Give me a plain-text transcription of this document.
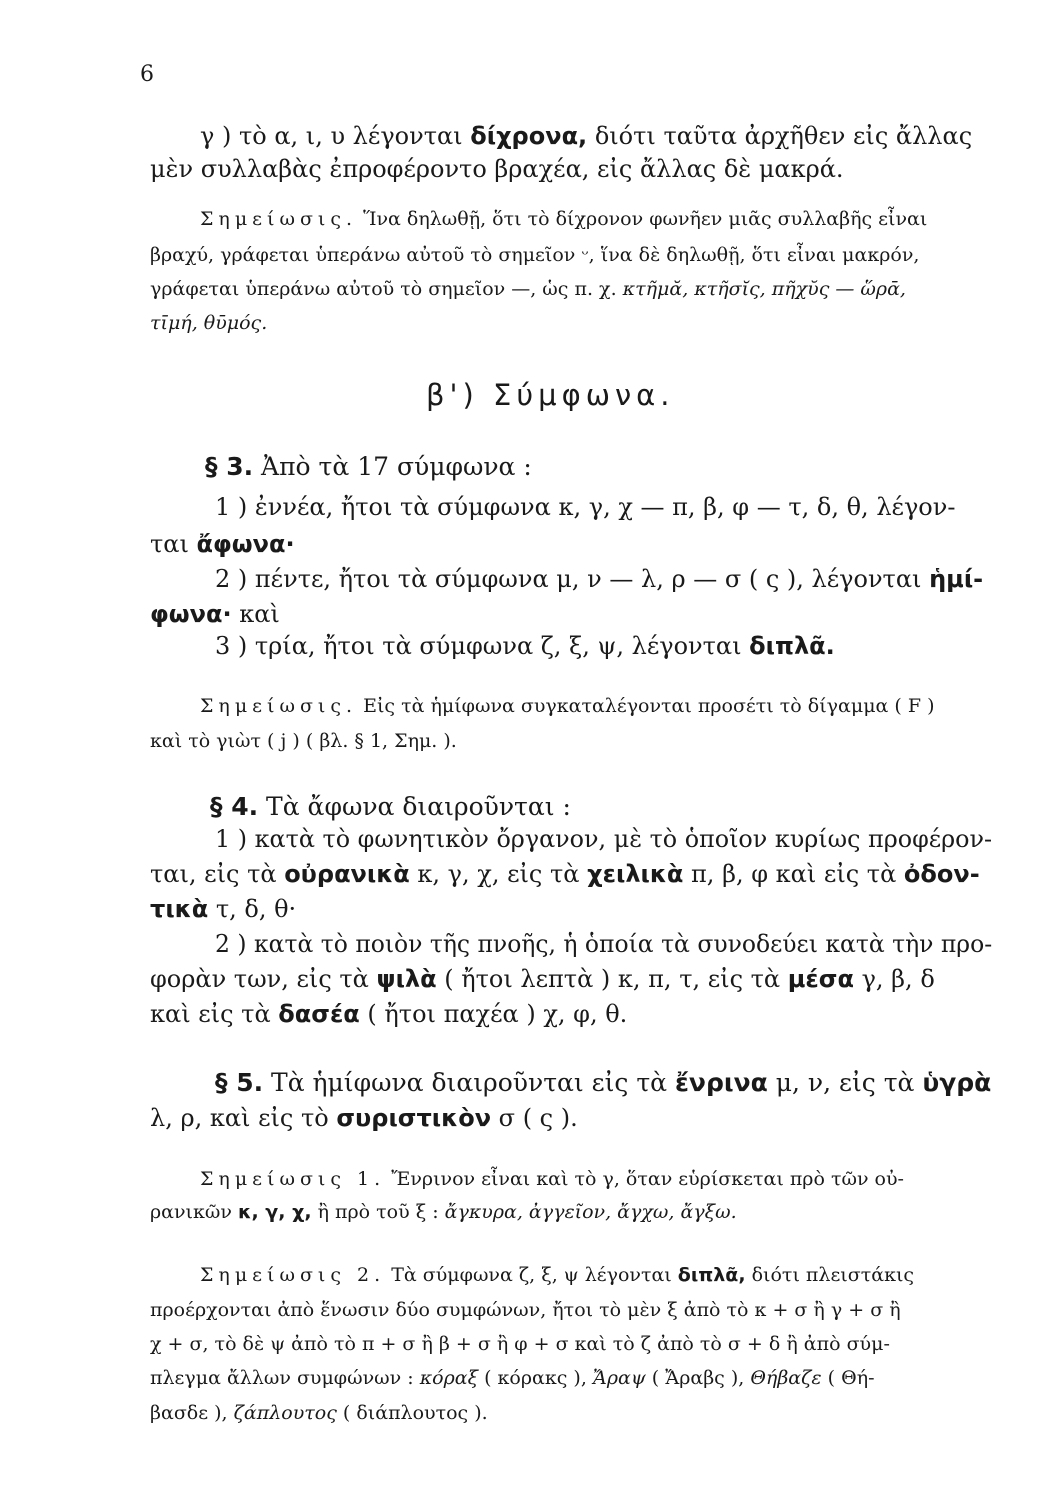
6
γ ) τὸ α, ι, υ λέγονται δίχρονα, διότι ταῦτα ἀρχῆθεν εἰς ἄλλας
μὲν συλλαβὰς ἐπροφέροντο βραχέα, εἰς ἄλλας δὲ μακρά.
Σημείωσις. Ἵνα δηλωθῇ, ὅτι τὸ δίχρονον φωνῆεν μιᾶς συλλαβῆς εἶναι
βραχύ, γράφεται ὑπεράνω αὐτοῦ τὸ σημεῖον ᵕ, ἵνα δὲ δηλωθῇ, ὅτι εἶναι μακρόν,
γράφεται ὑπεράνω αὐτοῦ τὸ σημεῖον —, ὡς π. χ. κτῆμᾰ, κτῆσῐς, πῆχῠς — ὥρᾱ,
τῑμή, θῡμός.
β') Σύμφωνα.
§ 3. Ἀπὸ τὰ 17 σύμφωνα :
1 ) ἐννέα, ἤτοι τὰ σύμφωνα κ, γ, χ — π, β, φ — τ, δ, θ, λέγον-
ται ἄφωνα·
2 ) πέντε, ἤτοι τὰ σύμφωνα μ, ν — λ, ρ — σ ( ς ), λέγονται ἡμί-
φωνα· καὶ
3 ) τρία, ἤτοι τὰ σύμφωνα ζ, ξ, ψ, λέγονται διπλᾶ.
Σημείωσις. Εἰς τὰ ἡμίφωνα συγκαταλέγονται προσέτι τὸ δίγαμμα ( F )
καὶ τὸ γιὼτ ( j ) ( βλ. § 1, Σημ. ).
§ 4. Τὰ ἄφωνα διαιροῦνται :
1 ) κατὰ τὸ φωνητικὸν ὄργανον, μὲ τὸ ὁποῖον κυρίως προφέρον-
ται, εἰς τὰ οὐρανικὰ κ, γ, χ, εἰς τὰ χειλικὰ π, β, φ καὶ εἰς τὰ ὀδον-
τικὰ τ, δ, θ·
2 ) κατὰ τὸ ποιὸν τῆς πνοῆς, ἡ ὁποία τὰ συνοδεύει κατὰ τὴν προ-
φορὰν των, εἰς τὰ ψιλὰ ( ἤτοι λεπτὰ ) κ, π, τ, εἰς τὰ μέσα γ, β, δ
καὶ εἰς τὰ δασέα ( ἤτοι παχέα ) χ, φ, θ.
§ 5. Τὰ ἡμίφωνα διαιροῦνται εἰς τὰ ἔνρινα μ, ν, εἰς τὰ ὑγρὰ
λ, ρ, καὶ εἰς τὸ συριστικὸν σ ( ς ).
Σημείωσις 1. Ἔνρινον εἶναι καὶ τὸ γ, ὅταν εὑρίσκεται πρὸ τῶν οὐ-
ρανικῶν κ, γ, χ, ἢ πρὸ τοῦ ξ : ἄγκυρα, ἀγγεῖον, ἄγχω, ἄγξω.
Σημείωσις 2. Τὰ σύμφωνα ζ, ξ, ψ λέγονται διπλᾶ, διότι πλειστάκις
προέρχονται ἀπὸ ἕνωσιν δύο συμφώνων, ἤτοι τὸ μὲν ξ ἀπὸ τὸ κ + σ ἢ γ + σ ἢ
χ + σ, τὸ δὲ ψ ἀπὸ τὸ π + σ ἢ β + σ ἢ φ + σ καὶ τὸ ζ ἀπὸ τὸ σ + δ ἢ ἀπὸ σύμ-
πλεγμα ἄλλων συμφώνων : κόραξ ( κόρακς ), Ἄραψ ( Ἄραβς ), Θήβαζε ( Θή-
βασδε ), ζάπλουτος ( διάπλουτος ).
